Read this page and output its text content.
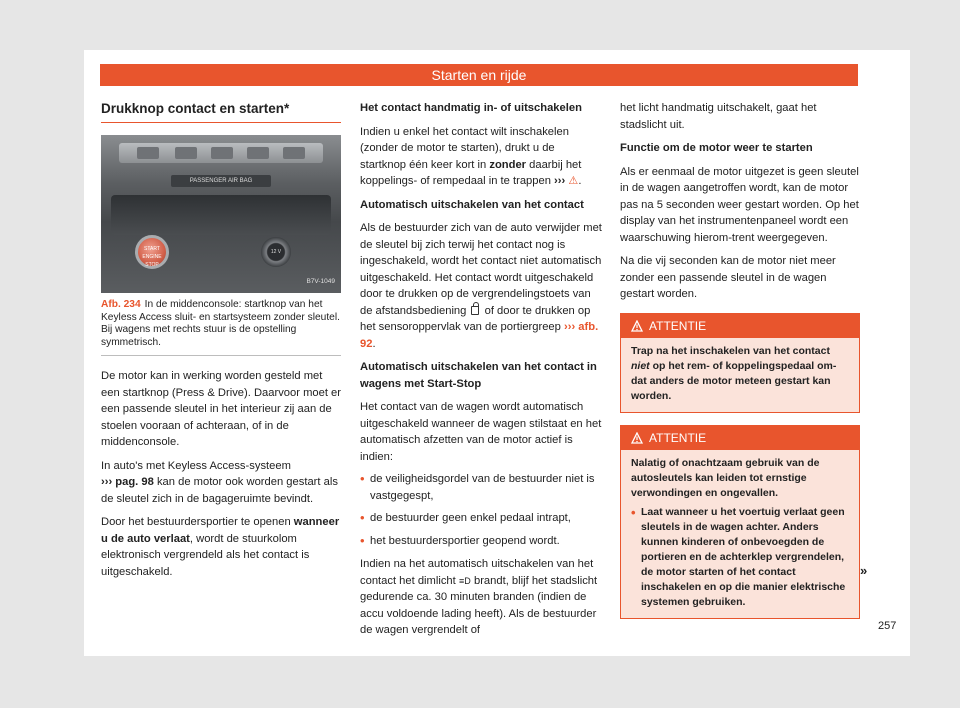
Starten en rijde
Drukknop contact en starten*
PASSENGER AIR BAG
START ENGINE STOP
12 V
B7V-1049
Afb. 234 In de middenconsole: startknop van het Keyless Access sluit- en startsysteem zonder sleutel. Bij wagens met rechts stuur is de opstelling symmetrisch.

De motor kan in werking worden gesteld met een startknop (Press & Drive). Daarvoor moet er een passende sleutel in het interieur zij aan de stoelen vooraan of achteraan, of in de middenconsole.

In auto's met Keyless Access-systeem
››› pag. 98 kan de motor ook worden gestart als de sleutel zich in de bagageruimte bevindt.

Door het bestuurdersportier te openen wanneer u de auto verlaat, wordt de stuurkolom elektronisch vergrendeld als het contact is uitgeschakeld.

Het contact handmatig in- of uitschakelen

Indien u enkel het contact wilt inschakelen (zonder de motor te starten), drukt u de startknop één keer kort in zonder daarbij het koppelings- of rempedaal in te trappen ››› ⚠.

Automatisch uitschakelen van het contact

Als de bestuurder zich van de auto verwijder met de sleutel bij zich terwij het contact nog is ingeschakeld, wordt het contact niet automatisch uitgeschakeld. Het contact wordt uitgeschakeld door te drukken op de vergrendelingstoets van de afstandsbediening of door te drukken op het sensoroppervlak van de portiergreep ››› afb. 92.

Automatisch uitschakelen van het contact in wagens met Start-Stop

Het contact van de wagen wordt automatisch uitgeschakeld wanneer de wagen stilstaat en het automatisch afzetten van de motor actief is indien:

• de veiligheidsgordel van de bestuurder niet is vastgegespt,
• de bestuurder geen enkel pedaal intrapt,
• het bestuurdersportier geopend wordt.

Indien na het automatisch uitschakelen van het contact het dimlicht ≡D brandt, blijf het stadslicht gedurende ca. 30 minuten branden (indien de accu voldoende lading heeft). Als de bestuurder de wagen vergrendelt of

het licht handmatig uitschakelt, gaat het stadslicht uit.

Functie om de motor weer te starten

Als er eenmaal de motor uitgezet is geen sleutel in de wagen aangetroffen wordt, kan de motor pas na 5 seconden weer gestart worden. Op het display van het instrumentenpaneel wordt een waarschuwing hierom-trent weergegeven.

Na die vij seconden kan de motor niet meer zonder een passende sleutel in de wagen gestart worden.

ATTENTIE
Trap na het inschakelen van het contact niet op het rem- of koppelingspedaal om-dat anders de motor meteen gestart kan worden.
ATTENTIE
Nalatig of onachtzaam gebruik van de autosleutels kan leiden tot ernstige verwondingen en ongevallen.
• Laat wanneer u het voertuig verlaat geen sleutels in de wagen achter. Anders kunnen kinderen of onbevoegden de portieren en de achterklep vergrendelen, de motor starten of het contact inschakelen en op die manier elektrische systemen gebruiken.
»
257
